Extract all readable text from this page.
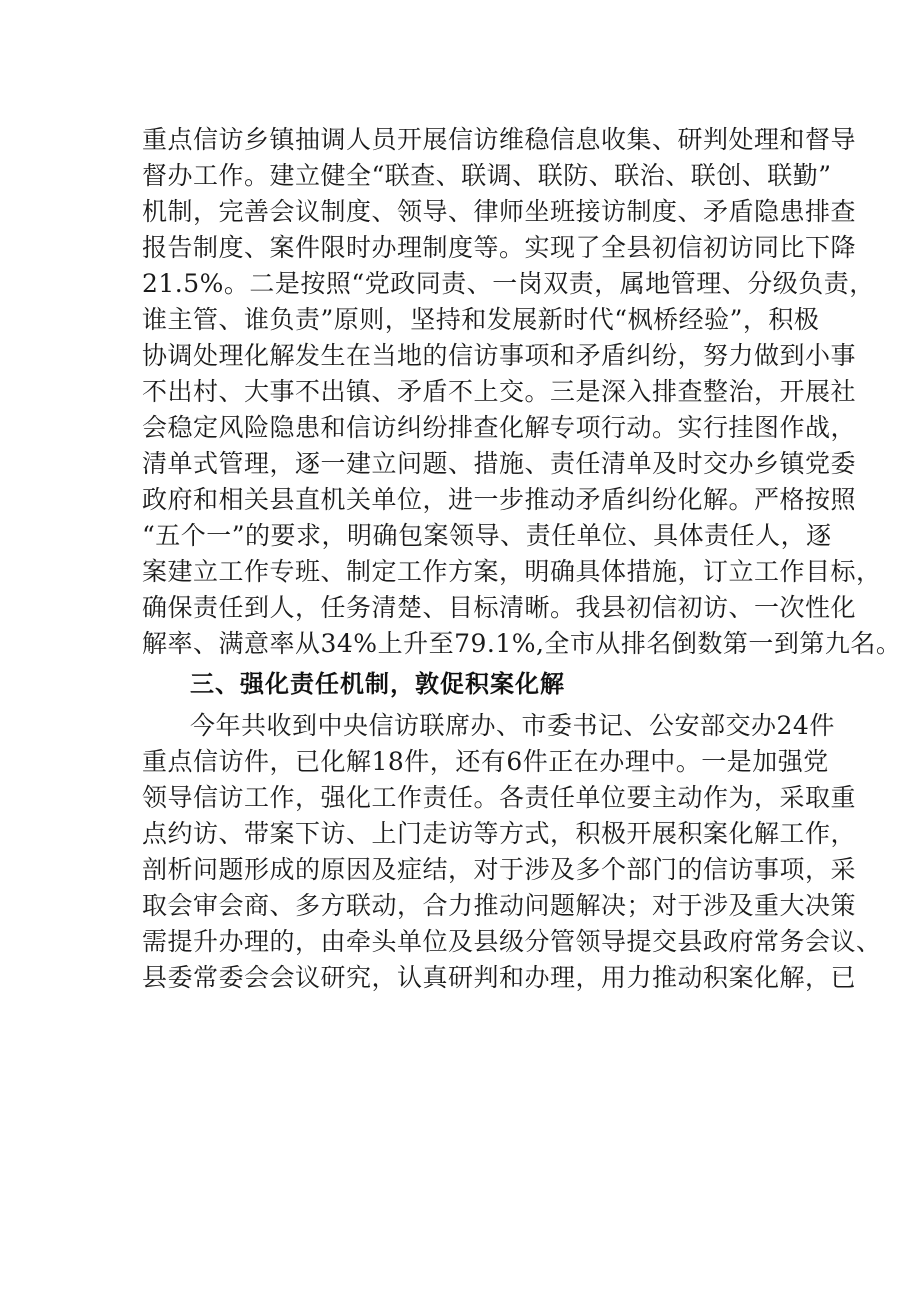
重点信访乡镇抽调人员开展信访维稳信息收集、研判处理和督导
督办工作。建立健全“联查、联调、联防、联治、联创、联勤”
机制，完善会议制度、领导、律师坐班接访制度、矛盾隐患排查
报告制度、案件限时办理制度等。实现了全县初信初访同比下降
21.5%。二是按照“党政同责、一岗双责，属地管理、分级负责，
谁主管、谁负责”原则，坚持和发展新时代“枫桥经验”，积极
协调处理化解发生在当地的信访事项和矛盾纠纷，努力做到小事
不出村、大事不出镇、矛盾不上交。三是深入排查整治，开展社
会稳定风险隐患和信访纠纷排查化解专项行动。实行挂图作战，
清单式管理，逐一建立问题、措施、责任清单及时交办乡镇党委
政府和相关县直机关单位，进一步推动矛盾纠纷化解。严格按照
“五个一”的要求，明确包案领导、责任单位、具体责任人，逐
案建立工作专班、制定工作方案，明确具体措施，订立工作目标，
确保责任到人，任务清楚、目标清晰。我县初信初访、一次性化
解率、满意率从34%上升至79.1%,全市从排名倒数第一到第九名。
三、强化责任机制，敦促积案化解
今年共收到中央信访联席办、市委书记、公安部交办24件
重点信访件，已化解18件，还有6件正在办理中。一是加强党
领导信访工作，强化工作责任。各责任单位要主动作为，采取重
点约访、带案下访、上门走访等方式，积极开展积案化解工作，
剖析问题形成的原因及症结，对于涉及多个部门的信访事项，采
取会审会商、多方联动，合力推动问题解决；对于涉及重大决策
需提升办理的，由牵头单位及县级分管领导提交县政府常务会议、
县委常委会会议研究，认真研判和办理，用力推动积案化解，已
